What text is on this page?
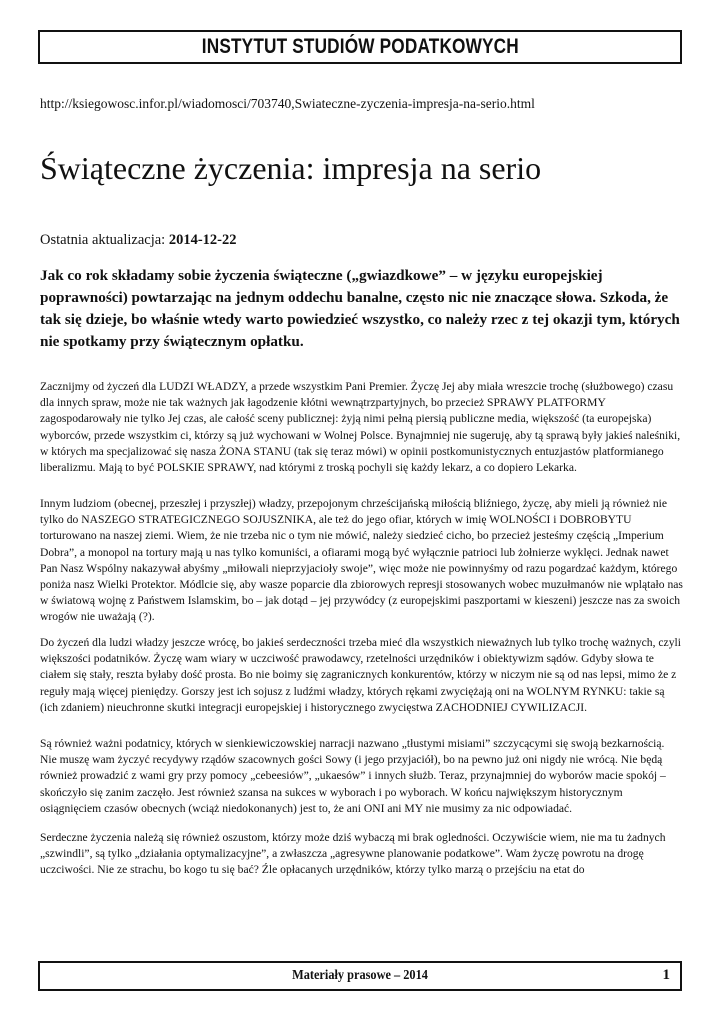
INSTYTUT STUDIÓW PODATKOWYCH
http://ksiegowosc.infor.pl/wiadomosci/703740,Swiateczne-zyczenia-impresja-na-serio.html
Świąteczne życzenia: impresja na serio
Ostatnia aktualizacja: 2014-12-22

Jak co rok składamy sobie życzenia świąteczne („gwiazdkowe” – w języku europejskiej poprawności) powtarzając na jednym oddechu banalne, często nic nie znaczące słowa. Szkoda, że tak się dzieje, bo właśnie wtedy warto powiedzieć wszystko, co należy rzec z tej okazji tym, których nie spotkamy przy świątecznym opłatku.

Zacznijmy od życzeń dla LUDZI WŁADZY, a przede wszystkim Pani Premier. Życzę Jej aby miała wreszcie trochę (służbowego) czasu dla innych spraw, może nie tak ważnych jak łagodzenie kłótni wewnątrzpartyjnych, bo przecież SPRAWY PLATFORMY zagospodarowały nie tylko Jej czas, ale całość sceny publicznej: żyją nimi pełną piersią publiczne media, większość (ta europejska) wyborców, przede wszystkim ci, którzy są już wychowani w Wolnej Polsce. Bynajmniej nie sugeruję, aby tą sprawą były jakieś naleśniki, w których ma specjalizować się nasza ŻONA STANU (tak się teraz mówi) w opinii postkomunistycznych entuzjastów platformianego liberalizmu. Mają to być POLSKIE SPRAWY, nad którymi z troską pochyli się każdy lekarz, a co dopiero Lekarka.

Innym ludziom (obecnej, przeszłej i przyszłej) władzy, przepojonym chrześcijańską miłością bliźniego, życzę, aby mieli ją również nie tylko do NASZEGO STRATEGICZNEGO SOJUSZNIKA, ale też do jego ofiar, których w imię WOLNOŚCI i DOBROBYTU torturowano na naszej ziemi. Wiem, że nie trzeba nic o tym nie mówić, należy siedzieć cicho, bo przecież jesteśmy częścią „Imperium Dobra”, a monopol na tortury mają u nas tylko komuniści, a ofiarami mogą być wyłącznie patrioci lub żołnierze wyklęci. Jednak nawet Pan Nasz Wspólny nakazywał abyśmy „miłowali nieprzyjacioły swoje”, więc może nie powinnyśmy od razu pogardzać każdym, którego poniża nasz Wielki Protektor. Módlcie się, aby wasze poparcie dla zbiorowych represji stosowanych wobec muzułmanów nie wplątało nas w światową wojnę z Państwem Islamskim, bo – jak dotąd – jej przywódcy (z europejskimi paszportami w kieszeni) jeszcze nas za swoich wrogów nie uważają (?).

Do życzeń dla ludzi władzy jeszcze wrócę, bo jakieś serdeczności trzeba mieć dla wszystkich nieważnych lub tylko trochę ważnych, czyli większości podatników. Życzę wam wiary w uczciwość prawodawcy, rzetelności urzędników i obiektywizm sądów. Gdyby słowa te ciałem się stały, reszta byłaby dość prosta. Bo nie boimy się zagranicznych konkurentów, którzy w niczym nie są od nas lepsi, mimo że z reguły mają więcej pieniędzy. Gorszy jest ich sojusz z ludźmi władzy, których rękami zwyciężają oni na WOLNYM RYNKU: takie są (ich zdaniem) nieuchronne skutki integracji europejskiej i historycznego zwycięstwa ZACHODNIEJ CYWILIZACJI.

Są również ważni podatnicy, których w sienkiewiczowskiej narracji nazwano „tłustymi misiami” szczycącymi się swoją bezkarnością. Nie muszę wam życzyć recydywy rządów szacownych gości Sowy (i jego przyjaciół), bo na pewno już oni nigdy nie wrócą. Nie będą również prowadzić z wami gry przy pomocy „cebeesiów”, „ukaesów” i innych służb. Teraz, przynajmniej do wyborów macie spokój – skończyło się zanim zaczęło. Jest również szansa na sukces w wyborach i po wyborach. W końcu największym historycznym osiągnięciem czasów obecnych (wciąż niedokonanych) jest to, że ani ONI ani MY nie musimy za nic odpowiadać.

Serdeczne życzenia należą się również oszustom, którzy może dziś wybaczą mi brak ogledności. Oczywiście wiem, nie ma tu żadnych „szwindli”, są tylko „działania optymalizacyjne”, a zwłaszcza „agresywne planowanie podatkowe”. Wam życzę powrotu na drogę uczciwości. Nie ze strachu, bo kogo tu się bać? Źle opłacanych urzędników, którzy tylko marzą o przejściu na etat do

Materiały prasowe – 2014	1
